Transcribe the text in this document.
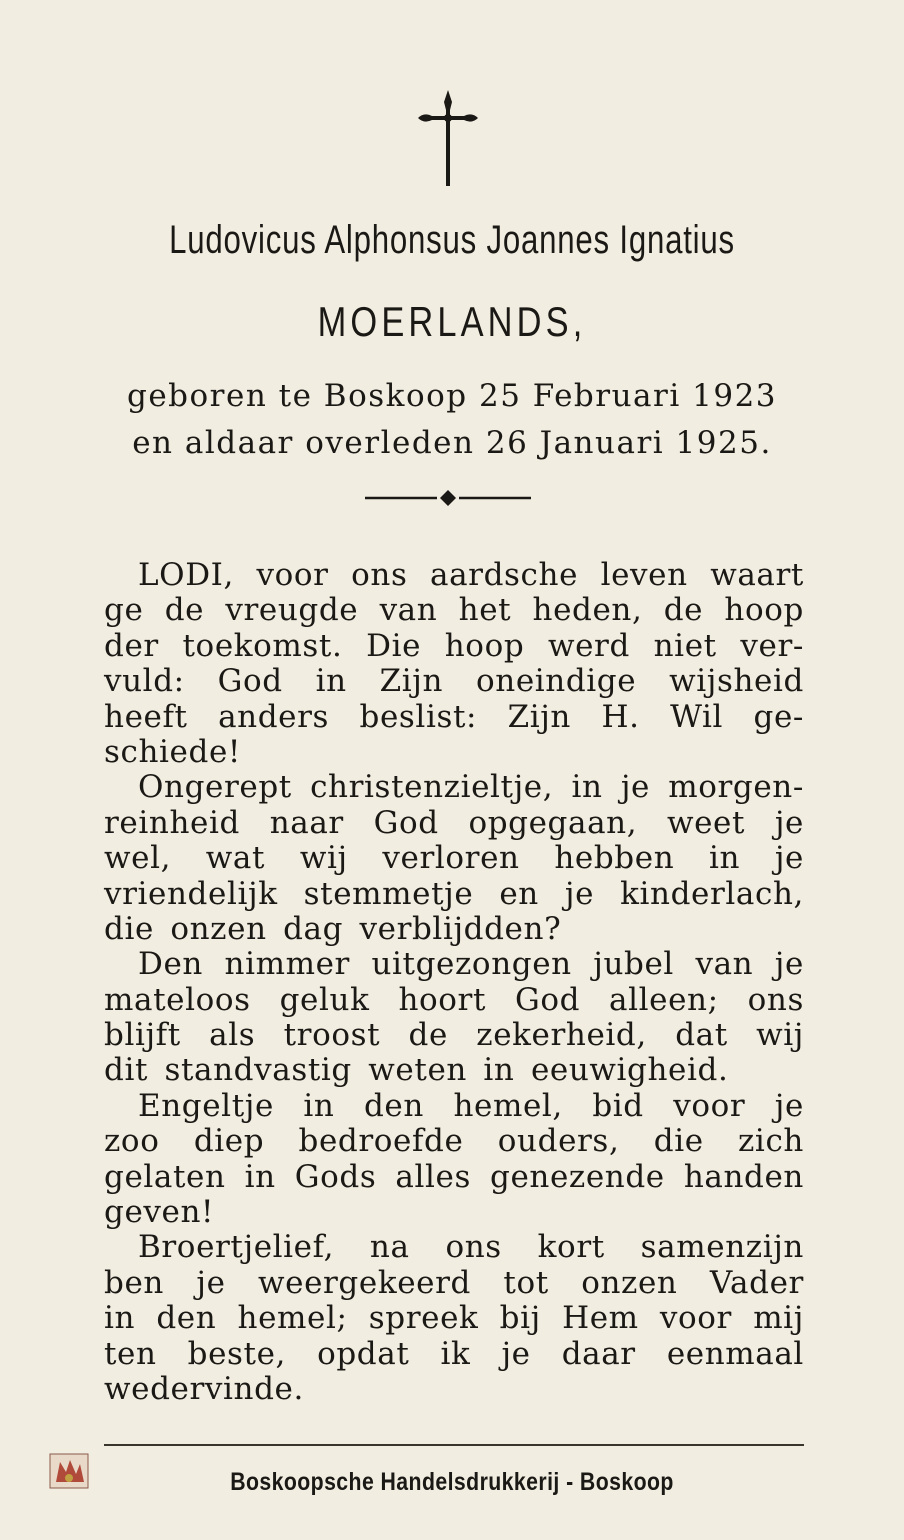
Ludovicus Alphonsus Joannes Ignatius
MOERLANDS,
geboren te Boskoop 25 Februari 1923
en aldaar overleden 26 Januari 1925.
LODI, voor ons aardsche leven waart
ge de vreugde van het heden, de hoop
der toekomst. Die hoop werd niet ver-
vuld: God in Zijn oneindige wijsheid
heeft anders beslist: Zijn H. Wil ge-
schiede!
Ongerept christenzieltje, in je morgen-
reinheid naar God opgegaan, weet je
wel, wat wij verloren hebben in je
vriendelijk stemmetje en je kinderlach,
die onzen dag verblijdden?
Den nimmer uitgezongen jubel van je
mateloos geluk hoort God alleen; ons
blijft als troost de zekerheid, dat wij
dit standvastig weten in eeuwigheid.
Engeltje in den hemel, bid voor je
zoo diep bedroefde ouders, die zich
gelaten in Gods alles genezende handen
geven!
Broertjelief, na ons kort samenzijn
ben je weergekeerd tot onzen Vader
in den hemel; spreek bij Hem voor mij
ten beste, opdat ik je daar eenmaal
wedervinde.
Boskoopsche Handelsdrukkerij - Boskoop
